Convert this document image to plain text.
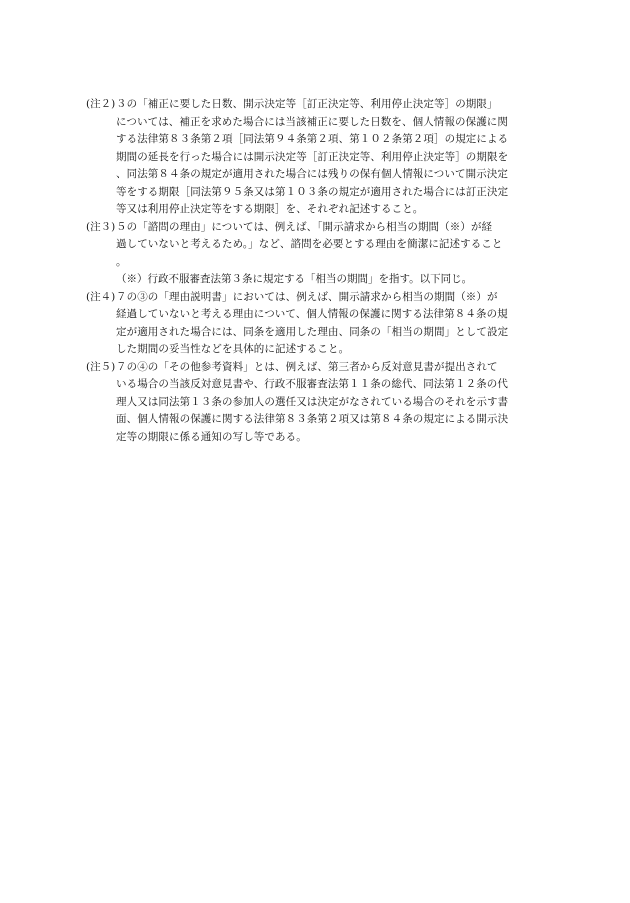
(注２) ３の「補正に要した日数、開示決定等［訂正決定等、利用停止決定等］の期限」
については、補正を求めた場合には当該補正に要した日数を、個人情報の保護に関
する法律第８３条第２項［同法第９４条第２項、第１０２条第２項］の規定による
期間の延長を行った場合には開示決定等［訂正決定等、利用停止決定等］の期限を
、同法第８４条の規定が適用された場合には残りの保有個人情報について開示決定
等をする期限［同法第９５条又は第１０３条の規定が適用された場合には訂正決定
等又は利用停止決定等をする期限］を、それぞれ記述すること。
(注３) ５の「諮問の理由」については、例えば、「開示請求から相当の期間（※）が経
過していないと考えるため。」など、諮問を必要とする理由を簡潔に記述すること
。
（※）行政不服審査法第３条に規定する「相当の期間」を指す。以下同じ。
(注４) ７の③の「理由説明書」においては、例えば、開示請求から相当の期間（※）が
経過していないと考える理由について、個人情報の保護に関する法律第８４条の規
定が適用された場合には、同条を適用した理由、同条の「相当の期間」として設定
した期間の妥当性などを具体的に記述すること。
(注５) ７の④の「その他参考資料」とは、例えば、第三者から反対意見書が提出されて
いる場合の当該反対意見書や、行政不服審査法第１１条の総代、同法第１２条の代
理人又は同法第１３条の参加人の選任又は決定がなされている場合のそれを示す書
面、個人情報の保護に関する法律第８３条第２項又は第８４条の規定による開示決
定等の期限に係る通知の写し等である。
